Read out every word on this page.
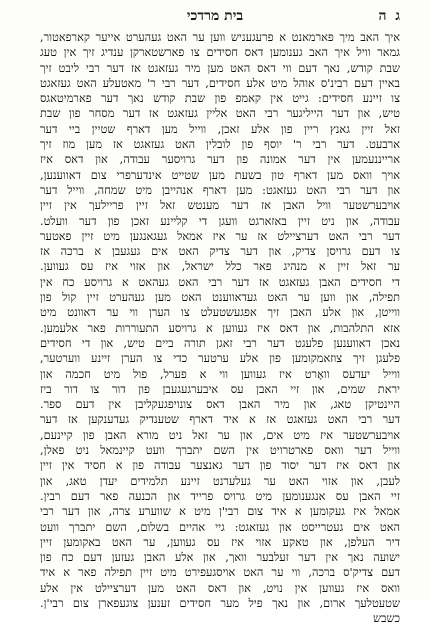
ג ה
בית מרדכי
איך האב מיך פארמאנט א פרעגעניש ווען ער האט געהערט אייער קארפאטור,
גמאר וויל איך האב גענומען דאס חסידים צו פארשטארקן ענדיג זיך אין טעג
שבת קודש, נאך דעם ווי דאס האט מען מיר געזאגט אז דער רבי ליבט זיך
באיין דעם רבינ'ס אוהל מיט אלע חסידים, דער רבי ר' מאטעלע האט געזאגט
צו זיינע חסידים: גייט אין קאמפ פון שבת קודש נאך דער פארמיטאגס
טיש, און דער הייליגער רבי האט אליין געזאגט אז דער מסחר פון שבת
זאל זיין גאנץ ריין פון אלע זאכן, ווייל מען דארף שטיין ביי דער
ארבעט. דער רבי ר' יוסף פון לובלין האט געזאגט אז מען מוז זיך
ארייננעמען אין דער אמונה פון דער גרויסער עבודה, און דאס איז
אויך וואס מען דארף טון בשעת מען שטייט אינדערפרי צום דאווענען,
און דער רבי האט געזאגט: מען דארף אנהייבן מיט שמחה, ווייל דער
אויבערשטער וויל האבן אז דער מענטש זאל זיין פריילעך אין זיין
עבודה, און ניט זיין באזארגט וועגן די קליינע זאכן פון דער וועלט.
דער רבי האט דערציילט אז ער איז אמאל געגאנגען מיט זיין פאטער
צו דעם גרויסן צדיק, און דער צדיק האט אים געגעבן א ברכה אז
ער זאל זיין א מנהיג פאר כלל ישראל, און אזוי איז עס געווען.
די חסידים האבן געזאגט אז דער רבי האט געהאט א גרויסע כח אין
תפילה, און ווען ער האט געדאווענט האט מען געהערט זיין קול פון
ווייטן, און אלע האבן זיך אפגעשטעלט צו הערן ווי ער דאוונט מיט
אזא התלהבות, און דאס איז געווען א גרויסע התעוררות פאר אלעמען.
נאכן דאווענען פלעגט דער רבי זאגן תורה ביים טיש, און די חסידים
פלעגן זיך צוזאמקומען פון אלע ערטער כדי צו הערן זיינע ווערטער,
ווייל יעדעס וואָרט איז געווען ווי א פערל, פול מיט חכמה און
יראת שמים, און זיי האבן עס איבערגעגעבן פון דור צו דור ביז
היינטיקן טאג, און מיר האבן דאס צונויפגעקליבן אין דעם ספר.
דער רבי האט געזאגט אז א איד דארף שטענדיק געדענקען אז דער
אויבערשטער איז מיט אים, און ער זאל ניט מורא האבן פון קיינעם,
ווייל דער וואס פארטרויט אין השם יתברך וועט קיינמאל ניט פאלן,
און דאס איז דער יסוד פון דער גאנצער עבודה פון א חסיד אין זיין
לעבן, און אזוי האט ער געלערנט זיינע תלמידים יעדן טאג, און
זיי האבן עס אנגענומען מיט גרויס פרייד און הכנעה פאר דעם רבין.
אמאל איז געקומען א איד צום רבי'ן מיט א שווערע צרה, און דער רבי
האט אים געטרייסט און געזאגט: גיי אהיים בשלום, השם יתברך וועט
דיר העלפן, און טאקע אזוי איז עס געווען, ער האט באקומען זיין
ישועה נאך אין דער זעלבער וואך, און אלע האבן געזען דעם כח פון
דעם צדיק'ס ברכה, ווי ער האט אויסגעפירט מיט זיין תפילה פאר א איד
וואס איז געווען אין נויט, און דאס האט מען דערציילט אין אלע
שטעטלעך ארום, און נאך פיל מער חסידים זענען צוגעפארן צום רבי'ן.
כשבש
